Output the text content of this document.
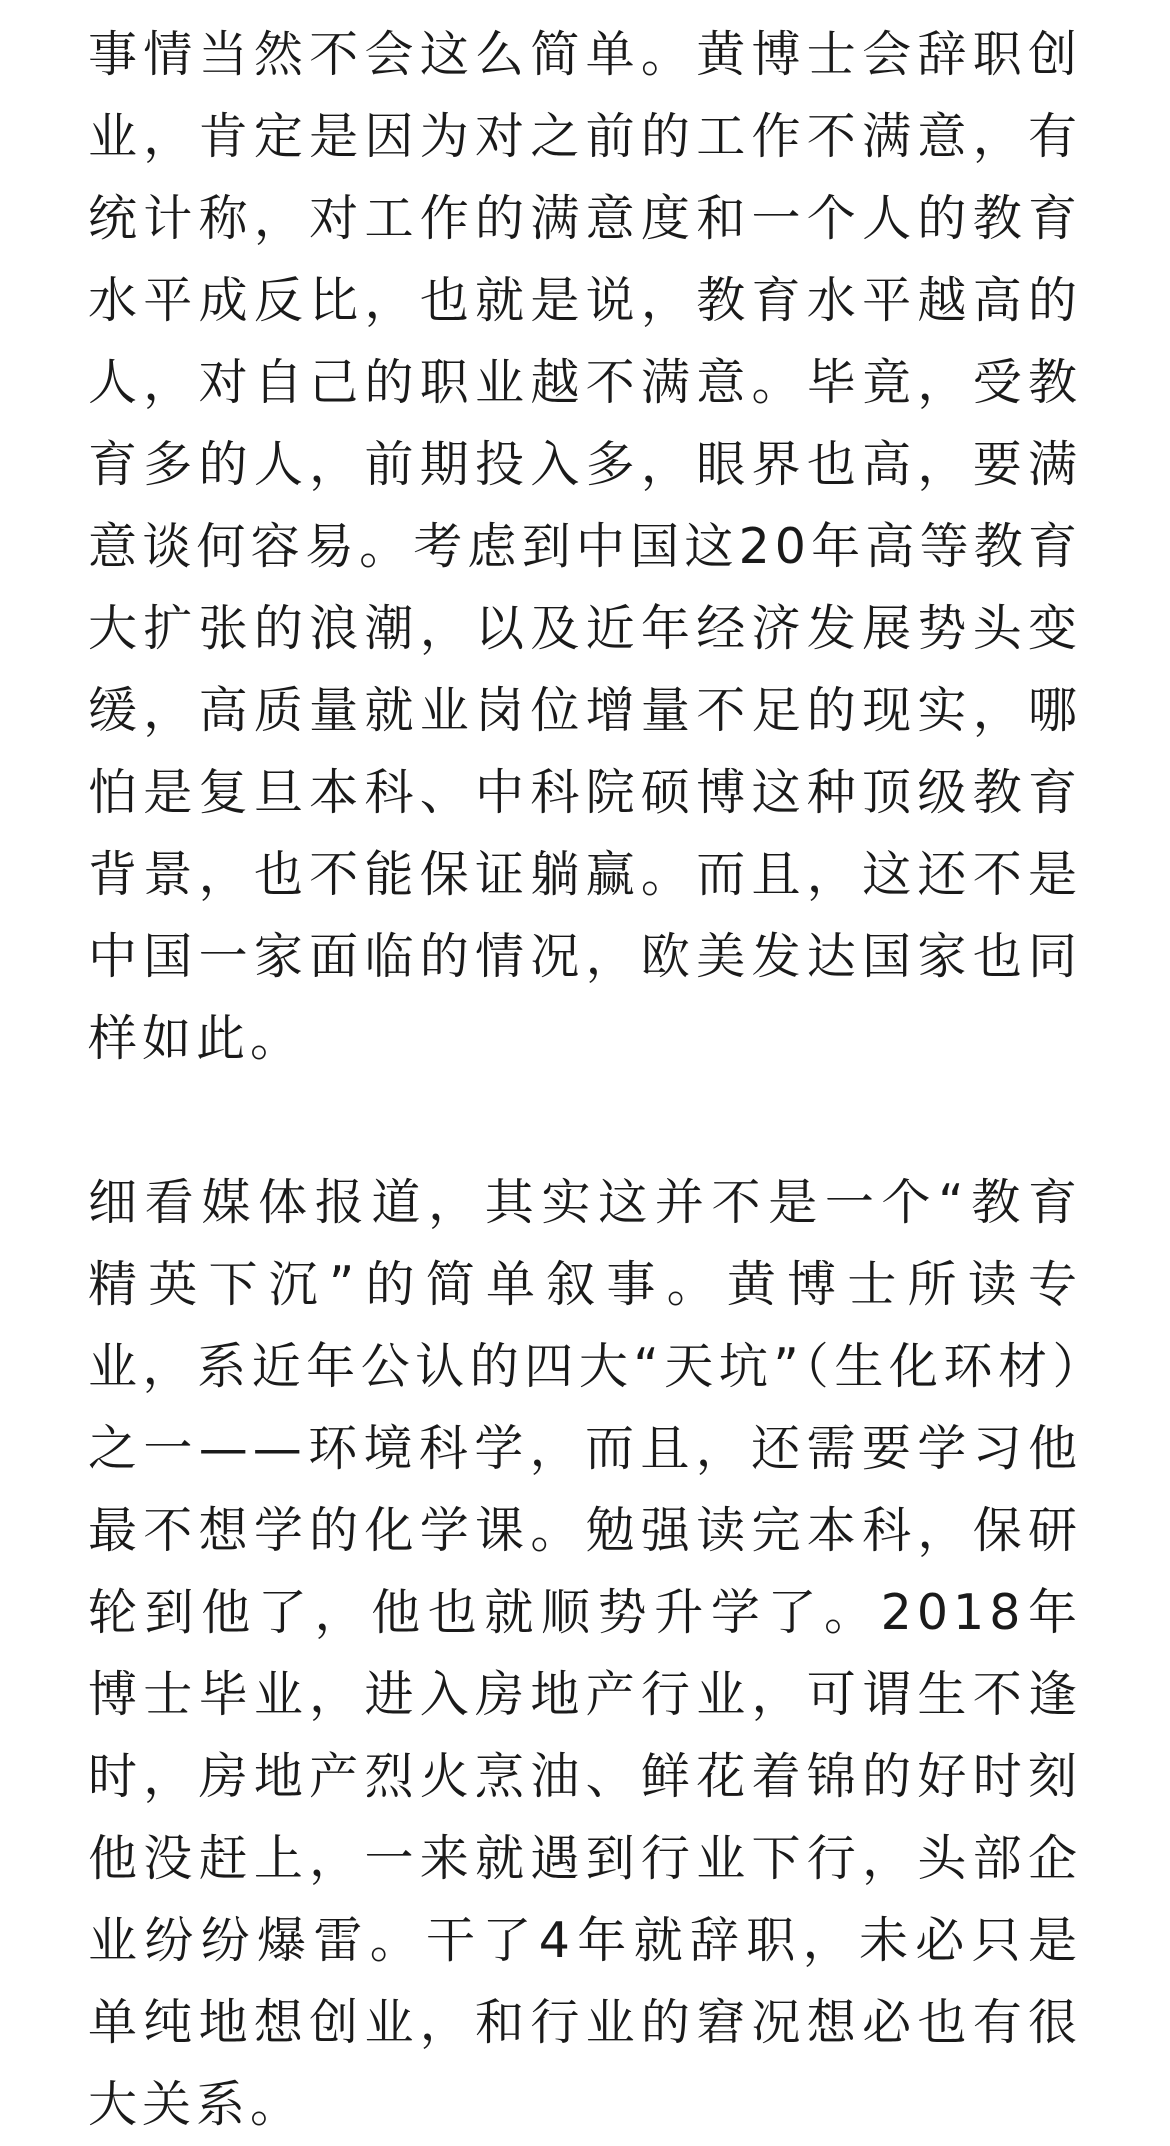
事情当然不会这么简单。黄博士会辞职创业，肯定是因为对之前的工作不满意，有统计称，对工作的满意度和一个人的教育水平成反比，也就是说，教育水平越高的人，对自己的职业越不满意。毕竟，受教育多的人，前期投入多，眼界也高，要满意谈何容易。考虑到中国这20年高等教育大扩张的浪潮，以及近年经济发展势头变缓，高质量就业岗位增量不足的现实，哪怕是复旦本科、中科院硕博这种顶级教育背景，也不能保证躺赢。而且，这还不是中国一家面临的情况，欧美发达国家也同样如此。

细看媒体报道，其实这并不是一个“教育精英下沉”的简单叙事。黄博士所读专业，系近年公认的四大“天坑”（生化环材）之一——环境科学，而且，还需要学习他最不想学的化学课。勉强读完本科，保研轮到他了，他也就顺势升学了。2018年博士毕业，进入房地产行业，可谓生不逢时，房地产烈火烹油、鲜花着锦的好时刻他没赶上，一来就遇到行业下行，头部企业纷纷爆雷。干了4年就辞职，未必只是单纯地想创业，和行业的窘况想必也有很大关系。
